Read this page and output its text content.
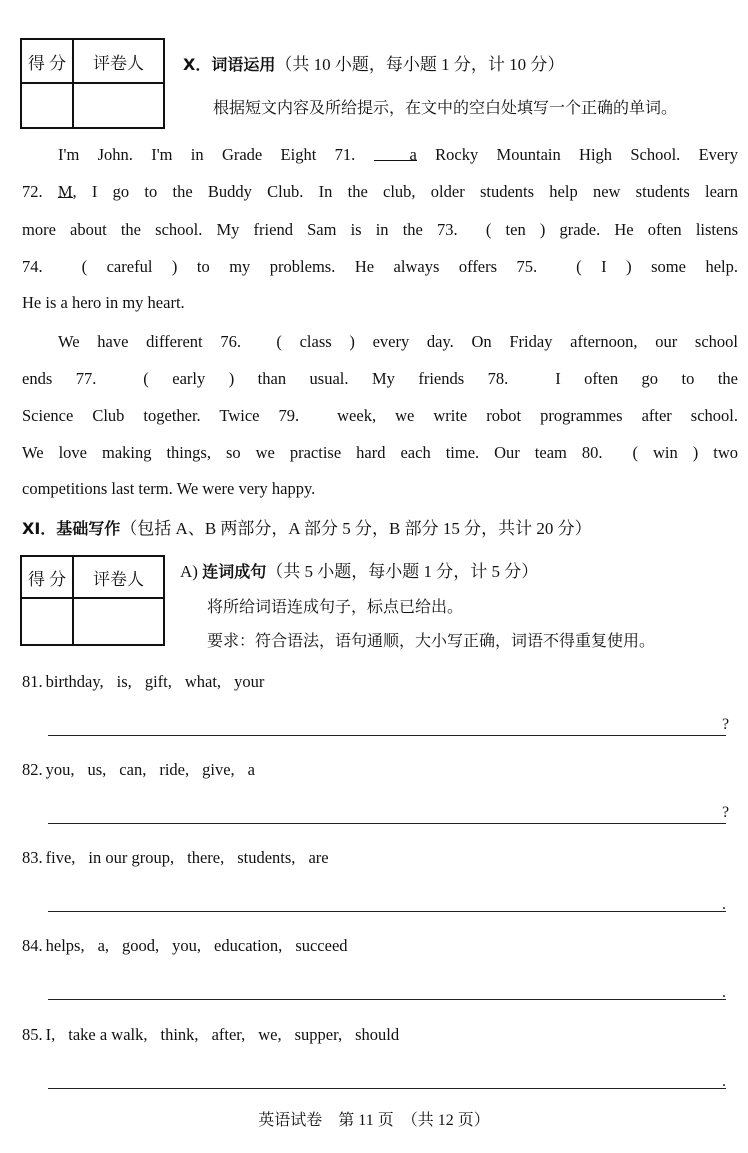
得 分	评卷人
	X．词语运用（共 10 小题，每小题 1 分，计 10 分）
根据短文内容及所给提示，在文中的空白处填写一个正确的单词。
I'm John. I'm in Grade Eight 71. a Rocky Mountain High School. Every
72. M, I go to the Buddy Club. In the club, older students help new students learn
more about the school. My friend Sam is in the 73.  ( ten ) grade. He often listens
74.  ( careful ) to my problems. He always offers 75.  ( I ) some help.
He is a hero in my heart.
We have different 76.  ( class ) every day. On Friday afternoon, our school
ends 77.  ( early ) than usual. My friends 78.  I often go to the
Science Club together. Twice 79.  week, we write robot programmes after school.
We love making things, so we practise hard each time. Our team 80.  ( win ) two
competitions last term. We were very happy.
XI．基础写作（包括 A、B 两部分，A 部分 5 分，B 部分 15 分，共计 20 分）
得 分	评卷人
	A) 连词成句（共 5 小题，每小题 1 分，计 5 分）
将所给词语连成句子，标点已给出。
要求：符合语法，语句通顺，大小写正确，词语不得重复使用。
81. birthday, is, gift, what, your
?
82. you, us, can, ride, give, a
?
83. five, in our group, there, students, are
.
84. helps, a, good, you, education, succeed
.
85. I, take a walk, think, after, we, supper, should
.
英语试卷　第 11 页　（共 12 页）
